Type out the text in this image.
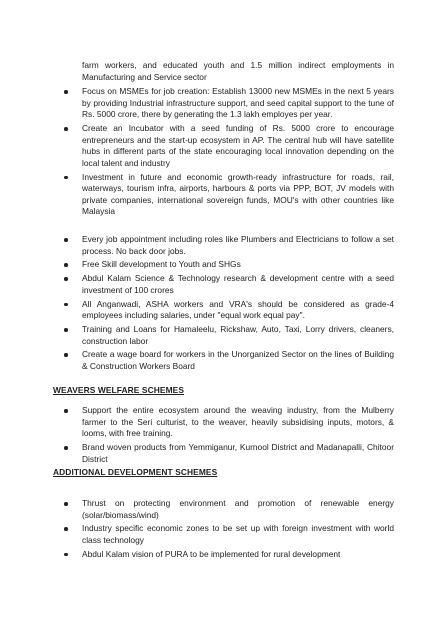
farm workers, and educated youth and 1.5 million indirect employments in Manufacturing and Service sector

Focus on MSMEs for job creation: Establish 13000 new MSMEs in the next 5 years by providing Industrial infrastructure support, and seed capital support to the tune of Rs. 5000 crore, there by generating the 1.3 lakh employes per year.
Create an Incubator with a seed funding of Rs. 5000 crore to encourage entrepreneurs and the start-up ecosystem in AP. The central hub will have satellite hubs in different parts of the state encouraging local innovation depending on the local talent and industry
Investment in future and economic growth-ready infrastructure for roads, rail, waterways, tourism infra, airports, harbours & ports via PPP, BOT, JV models with private companies, international sovereign funds, MOU's with other countries like Malaysia
Every job appointment including roles like Plumbers and Electricians to follow a set process. No back door jobs.
Free Skill development to Youth and SHGs
Abdul Kalam Science & Technology research & development centre with a seed investment of 100 crores
All Anganwadi, ASHA workers and VRA's should be considered as grade-4 employees including salaries, under "equal work equal pay".
Training and Loans for Hamaleelu, Rickshaw, Auto, Taxi, Lorry drivers, cleaners, construction labor
Create a wage board for workers in the Unorganized Sector on the lines of Building & Construction Workers Board
WEAVERS WELFARE SCHEMES
Support the entire ecosystem around the weaving industry, from the Mulberry farmer to the Seri culturist, to the weaver, heavily subsidising inputs, motors, & looms, with free training.
Brand woven products from Yemmiganur, Kurnool District and Madanapalli, Chitoor District
ADDITIONAL DEVELOPMENT SCHEMES
Thrust on protecting environment and promotion of renewable energy (solar/biomass/wind)
Industry specific economic zones to be set up with foreign investment with world class technology
Abdul Kalam vision of PURA to be implemented for rural development
